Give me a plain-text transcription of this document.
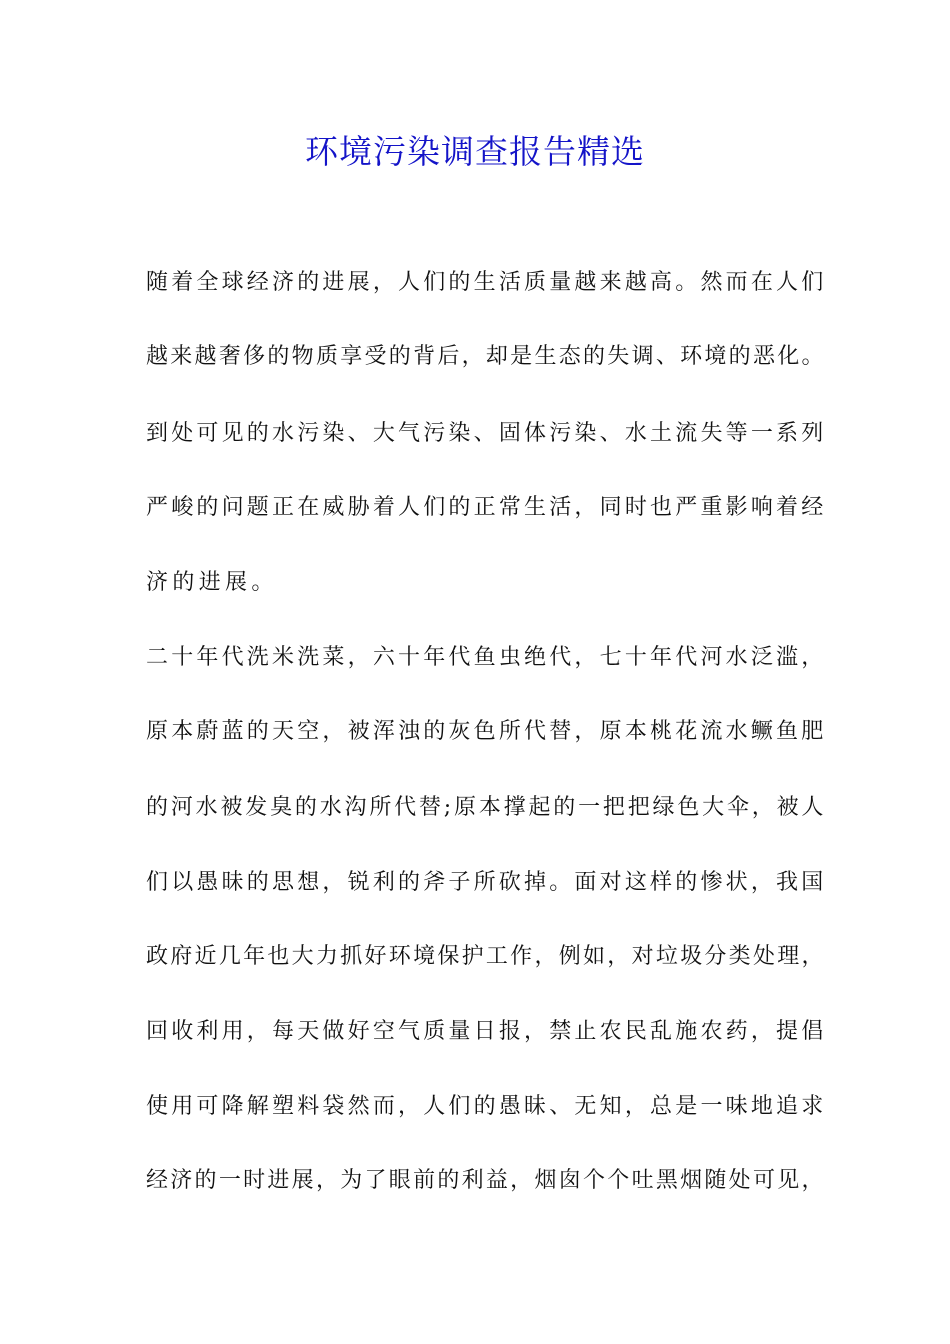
环境污染调查报告精选
随着全球经济的进展，人们的生活质量越来越高。然而在人们
越来越奢侈的物质享受的背后，却是生态的失调、环境的恶化。
到处可见的水污染、大气污染、固体污染、水土流失等一系列
严峻的问题正在威胁着人们的正常生活，同时也严重影响着经
济的进展。
二十年代洗米洗菜，六十年代鱼虫绝代，七十年代河水泛滥，
原本蔚蓝的天空，被浑浊的灰色所代替，原本桃花流水鳜鱼肥
的河水被发臭的水沟所代替;原本撑起的一把把绿色大伞，被人
们以愚昧的思想，锐利的斧子所砍掉。面对这样的惨状，我国
政府近几年也大力抓好环境保护工作，例如，对垃圾分类处理，
回收利用，每天做好空气质量日报，禁止农民乱施农药，提倡
使用可降解塑料袋然而，人们的愚昧、无知，总是一味地追求
经济的一时进展，为了眼前的利益，烟囱个个吐黑烟随处可见，
